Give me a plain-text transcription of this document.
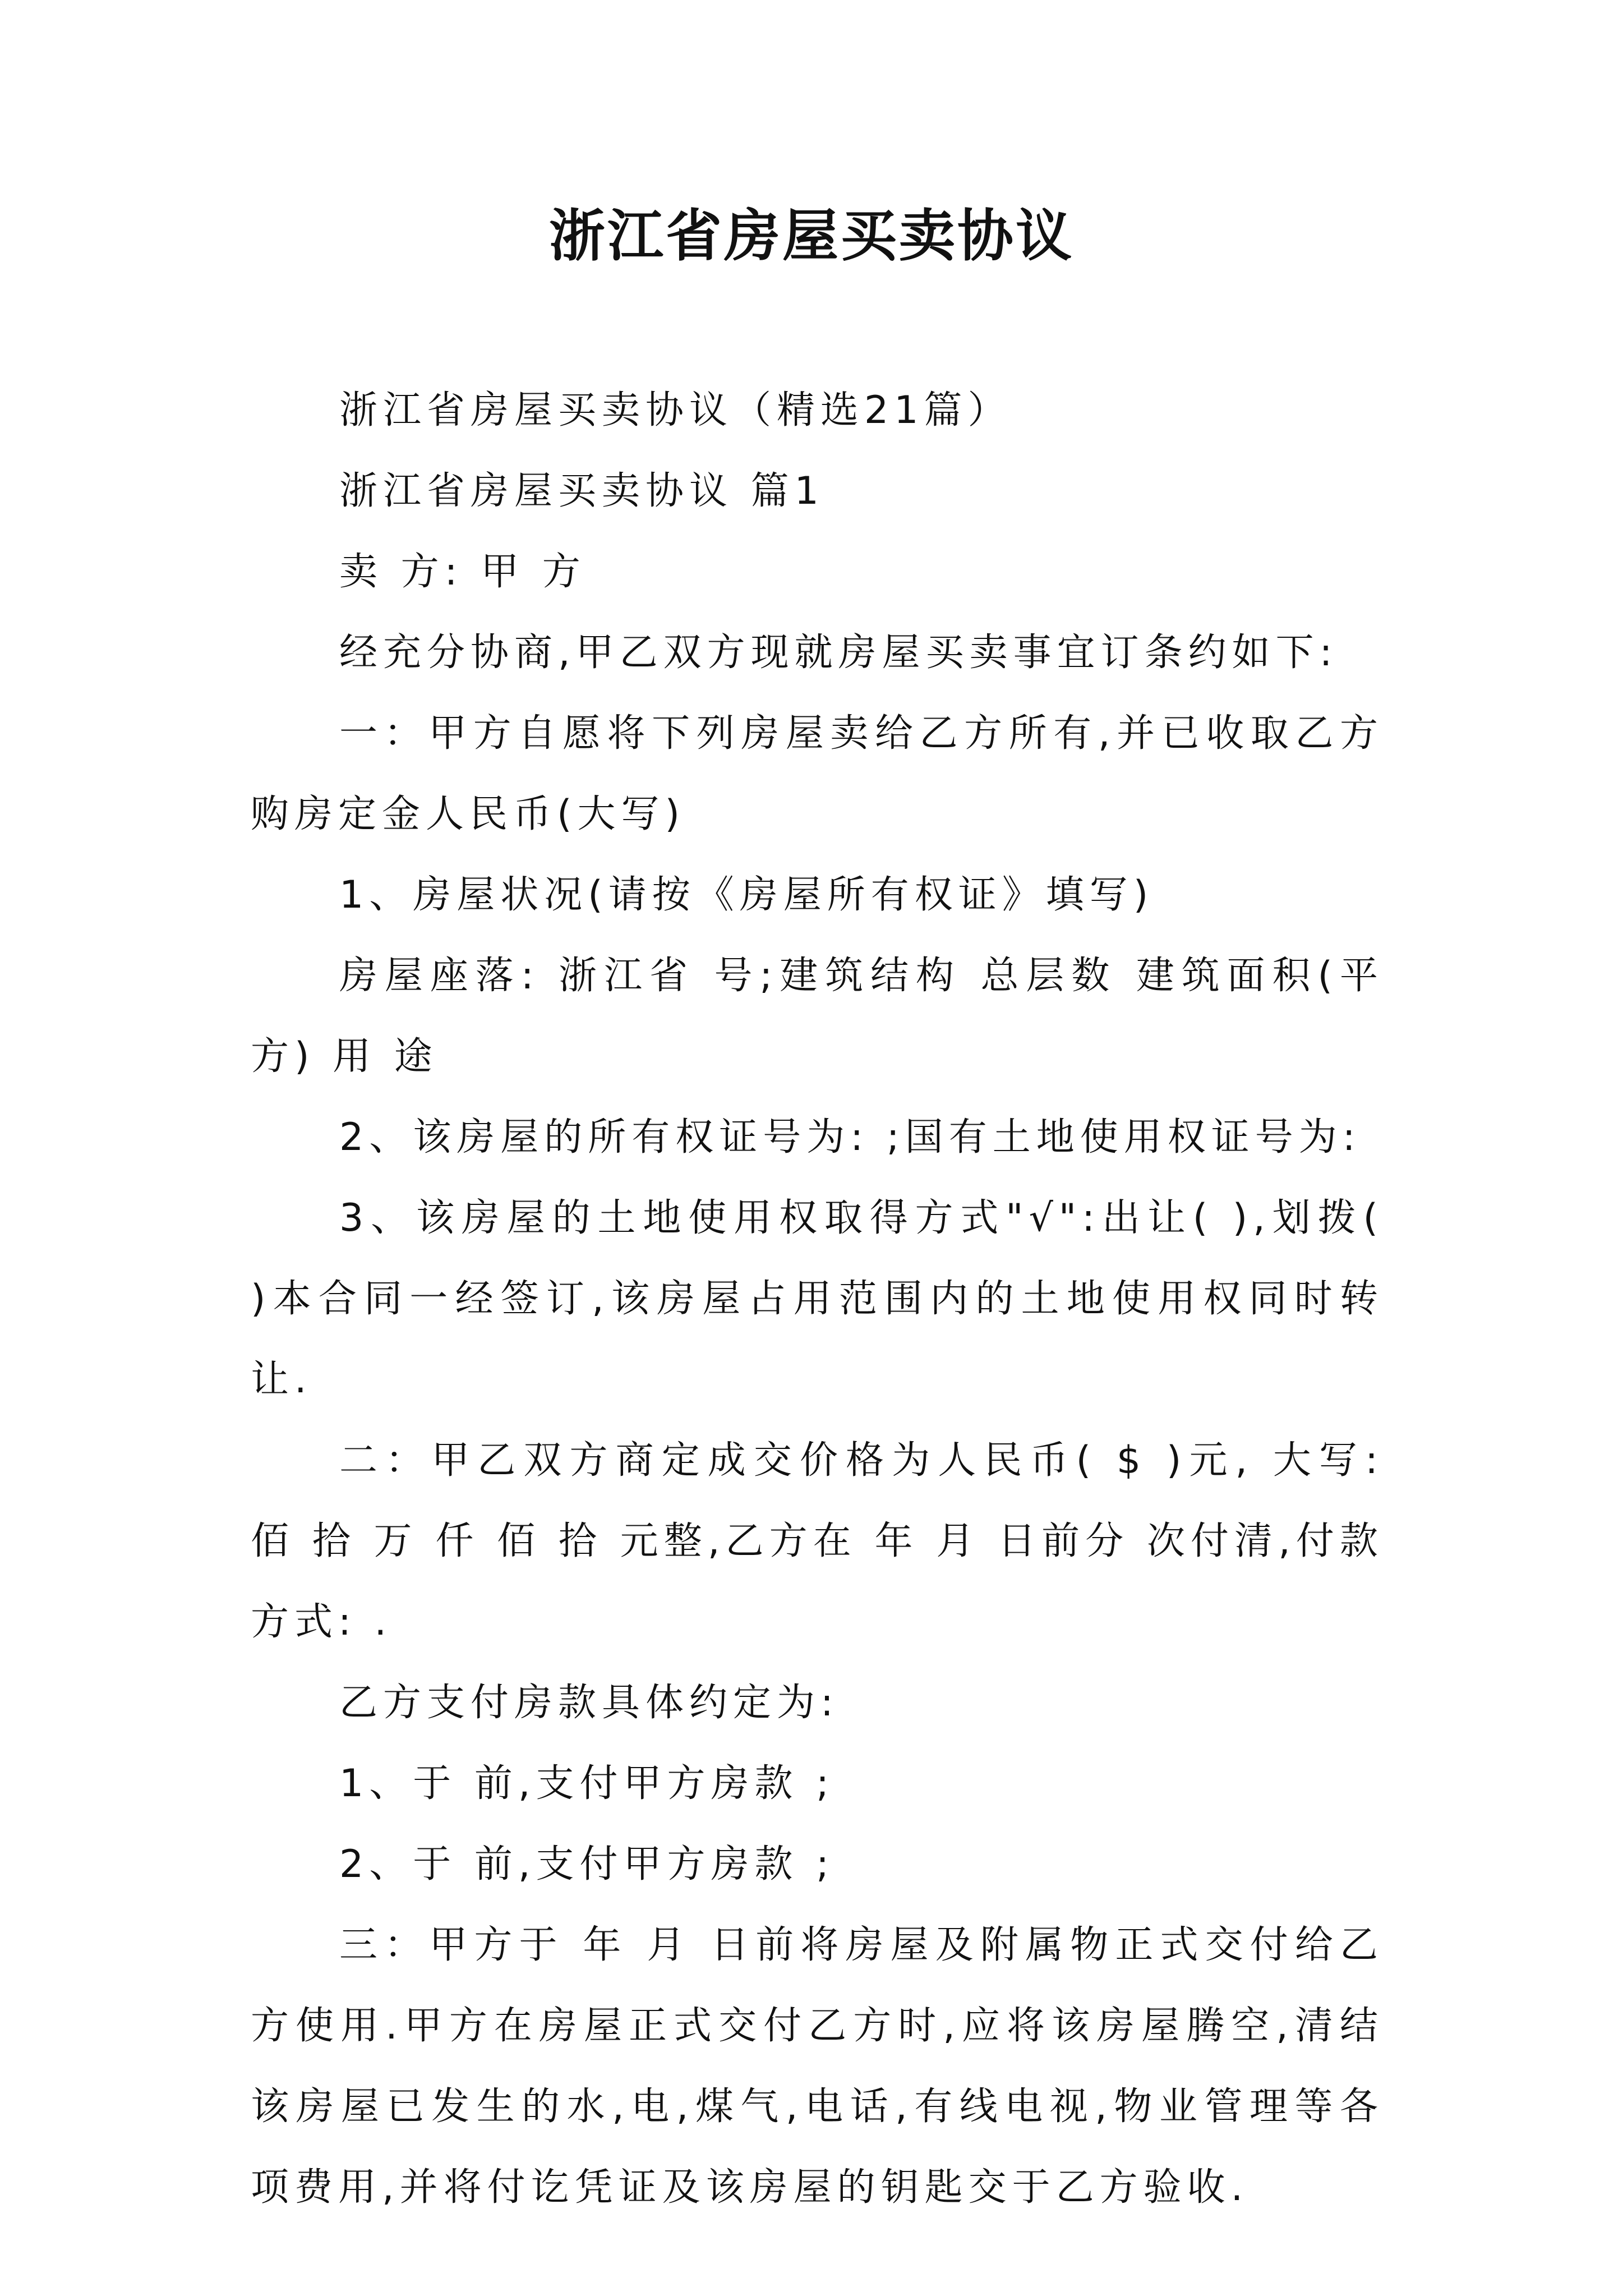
浙江省房屋买卖协议

浙江省房屋买卖协议（精选21篇）

浙江省房屋买卖协议 篇1

卖 方: 甲 方

经充分协商,甲乙双方现就房屋买卖事宜订条约如下:

一：甲方自愿将下列房屋卖给乙方所有,并已收取乙方购房定金人民币(大写)

1、房屋状况(请按《房屋所有权证》填写)

房屋座落: 浙江省 号;建筑结构 总层数 建筑面积(平方) 用 途

2、该房屋的所有权证号为: ;国有土地使用权证号为:

3、该房屋的土地使用权取得方式"√":出让( ),划拨( )本合同一经签订,该房屋占用范围内的土地使用权同时转让.

二：甲乙双方商定成交价格为人民币( $ )元, 大写: 佰 拾 万 仟 佰 拾 元整,乙方在 年 月 日前分 次付清,付款方式: .

乙方支付房款具体约定为:

1、于 前,支付甲方房款 ;

2、于 前,支付甲方房款 ;

三：甲方于 年 月 日前将房屋及附属物正式交付给乙方使用.甲方在房屋正式交付乙方时,应将该房屋腾空,清结该房屋已发生的水,电,煤气,电话,有线电视,物业管理等各项费用,并将付讫凭证及该房屋的钥匙交于乙方验收.
